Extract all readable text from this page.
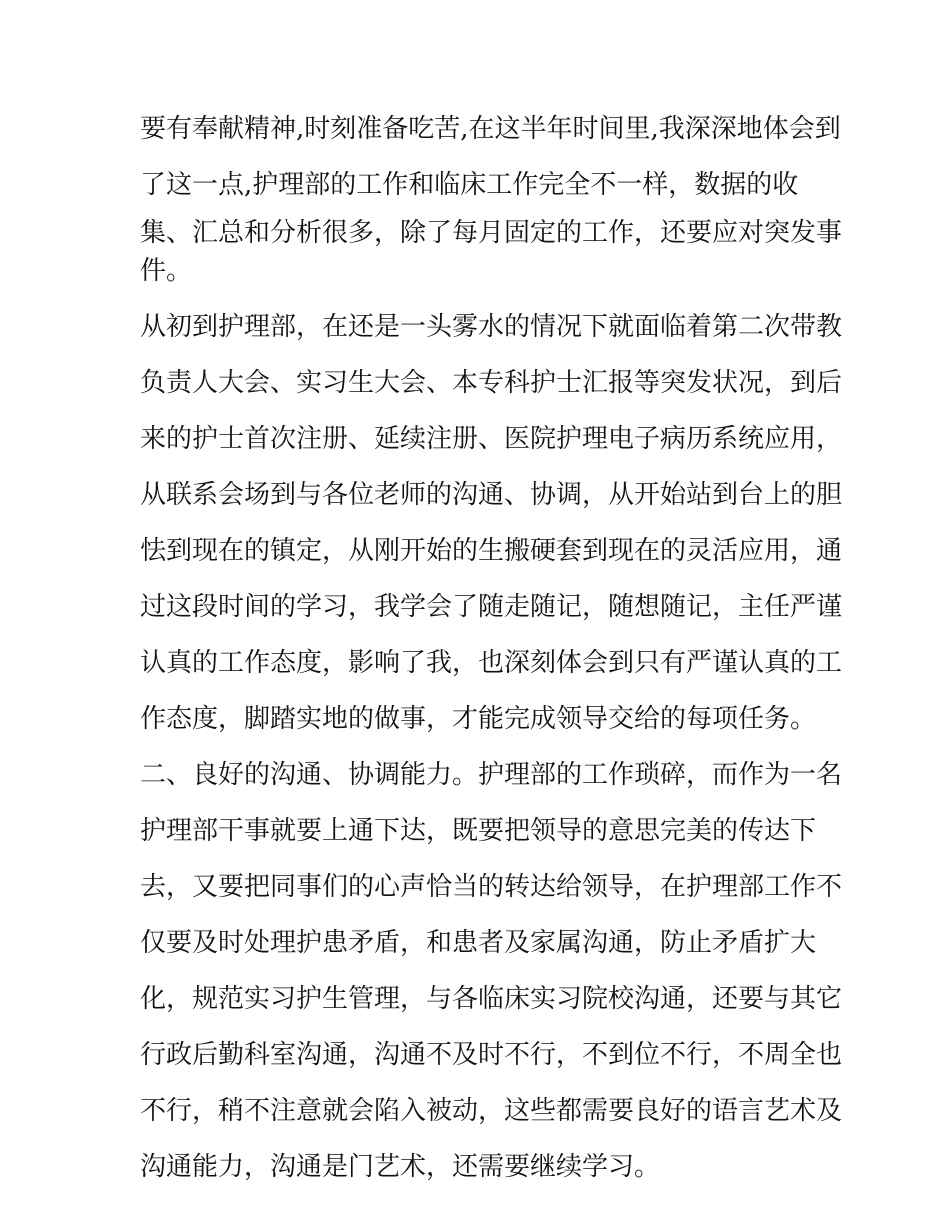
要有奉献精神,时刻准备吃苦,在这半年时间里,我深深地体会到
了这一点,护理部的工作和临床工作完全不一样，数据的收
集、汇总和分析很多，除了每月固定的工作，还要应对突发事
件。
从初到护理部，在还是一头雾水的情况下就面临着第二次带教
负责人大会、实习生大会、本专科护士汇报等突发状况，到后
来的护士首次注册、延续注册、医院护理电子病历系统应用，
从联系会场到与各位老师的沟通、协调，从开始站到台上的胆
怯到现在的镇定，从刚开始的生搬硬套到现在的灵活应用，通
过这段时间的学习，我学会了随走随记，随想随记，主任严谨
认真的工作态度，影响了我，也深刻体会到只有严谨认真的工
作态度，脚踏实地的做事，才能完成领导交给的每项任务。
二、良好的沟通、协调能力。护理部的工作琐碎，而作为一名
护理部干事就要上通下达，既要把领导的意思完美的传达下
去，又要把同事们的心声恰当的转达给领导，在护理部工作不
仅要及时处理护患矛盾，和患者及家属沟通，防止矛盾扩大
化，规范实习护生管理，与各临床实习院校沟通，还要与其它
行政后勤科室沟通，沟通不及时不行，不到位不行，不周全也
不行，稍不注意就会陷入被动，这些都需要良好的语言艺术及
沟通能力，沟通是门艺术，还需要继续学习。
